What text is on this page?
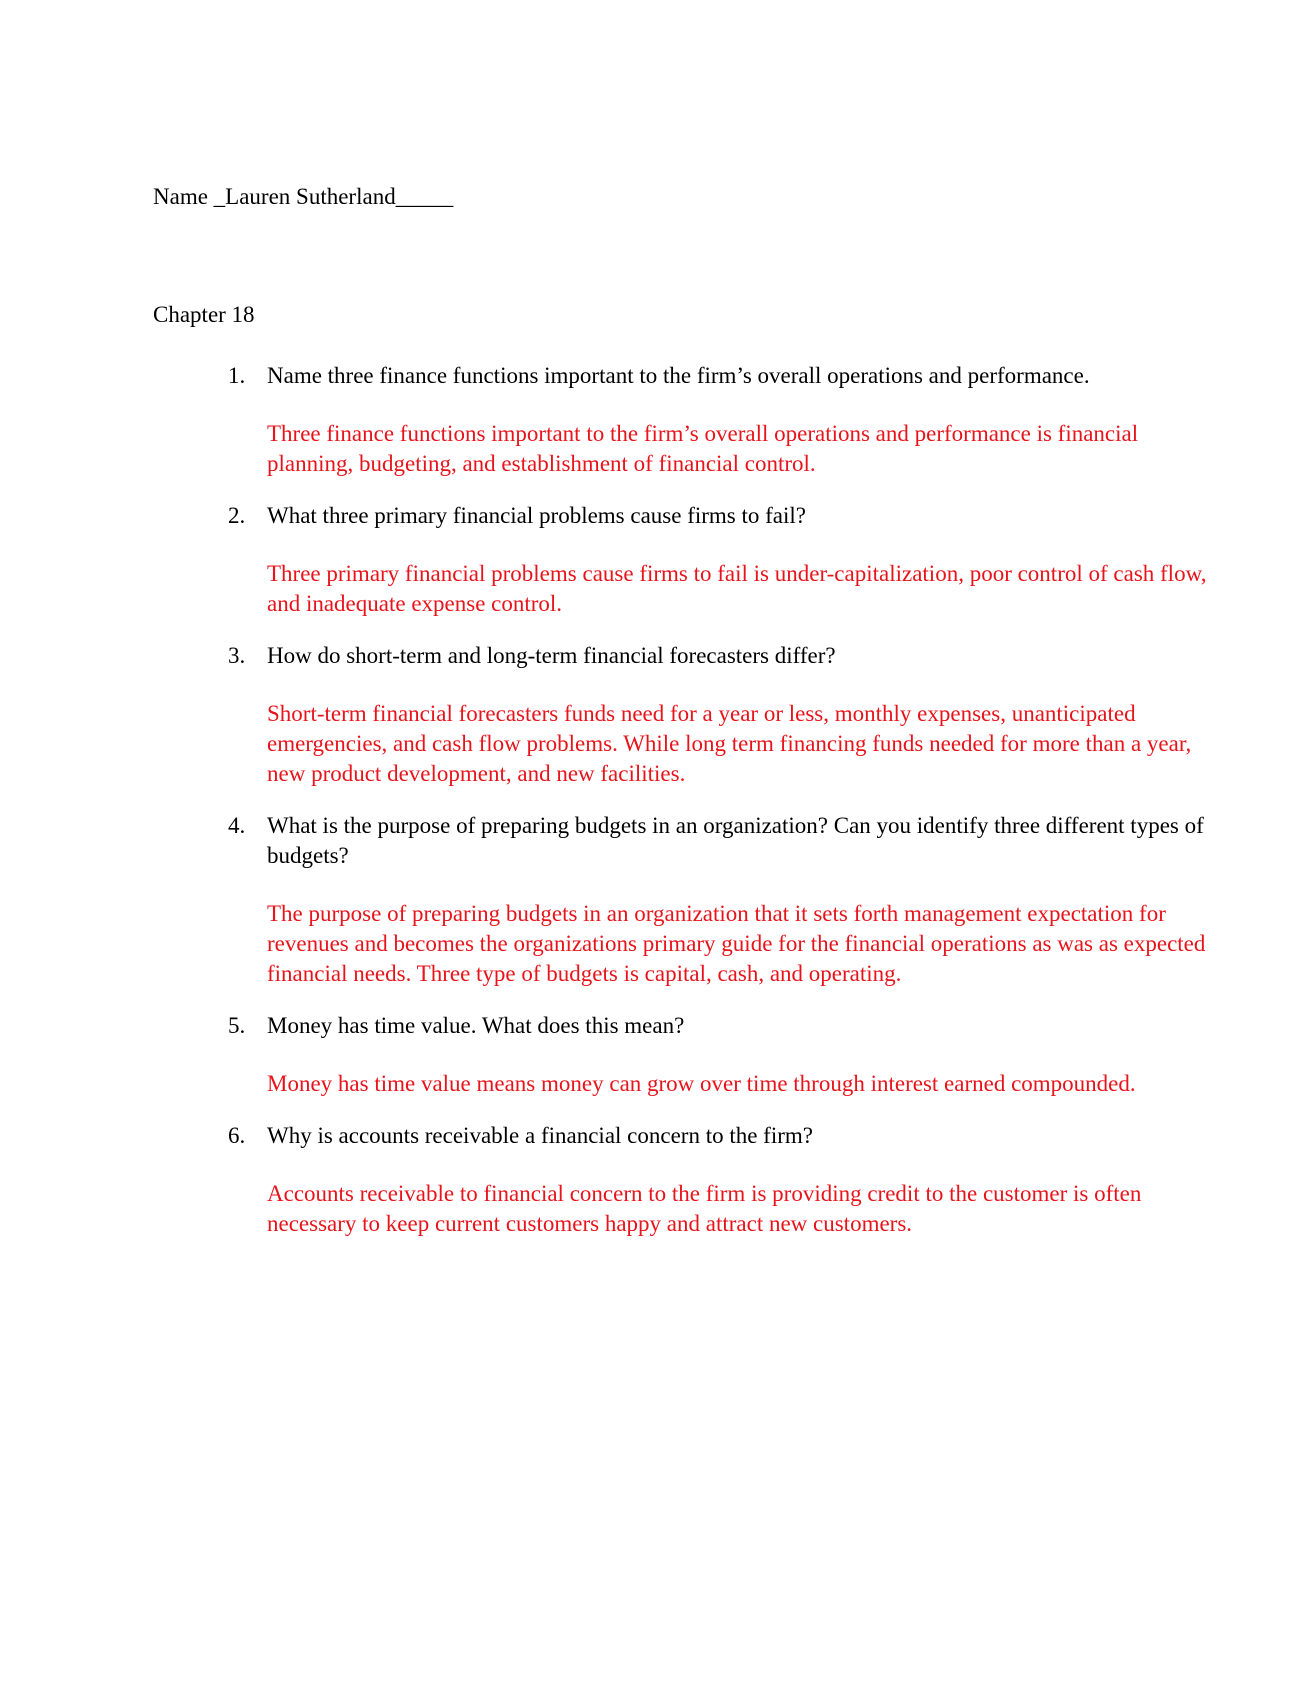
Name _Lauren Sutherland_____
Chapter 18
1. Name three finance functions important to the firm’s overall operations and performance.

Three finance functions important to the firm’s overall operations and performance is financial planning, budgeting, and establishment of financial control.

2. What three primary financial problems cause firms to fail?

Three primary financial problems cause firms to fail is under-capitalization, poor control of cash flow, and inadequate expense control.

3. How do short-term and long-term financial forecasters differ?

Short-term financial forecasters funds need for a year or less, monthly expenses, unanticipated emergencies, and cash flow problems. While long term financing funds needed for more than a year, new product development, and new facilities.

4. What is the purpose of preparing budgets in an organization? Can you identify three different types of budgets?

The purpose of preparing budgets in an organization that it sets forth management expectation for revenues and becomes the organizations primary guide for the financial operations as was as expected financial needs. Three type of budgets is capital, cash, and operating.

5. Money has time value. What does this mean?

Money has time value means money can grow over time through interest earned compounded.

6. Why is accounts receivable a financial concern to the firm?

Accounts receivable to financial concern to the firm is providing credit to the customer is often necessary to keep current customers happy and attract new customers.
